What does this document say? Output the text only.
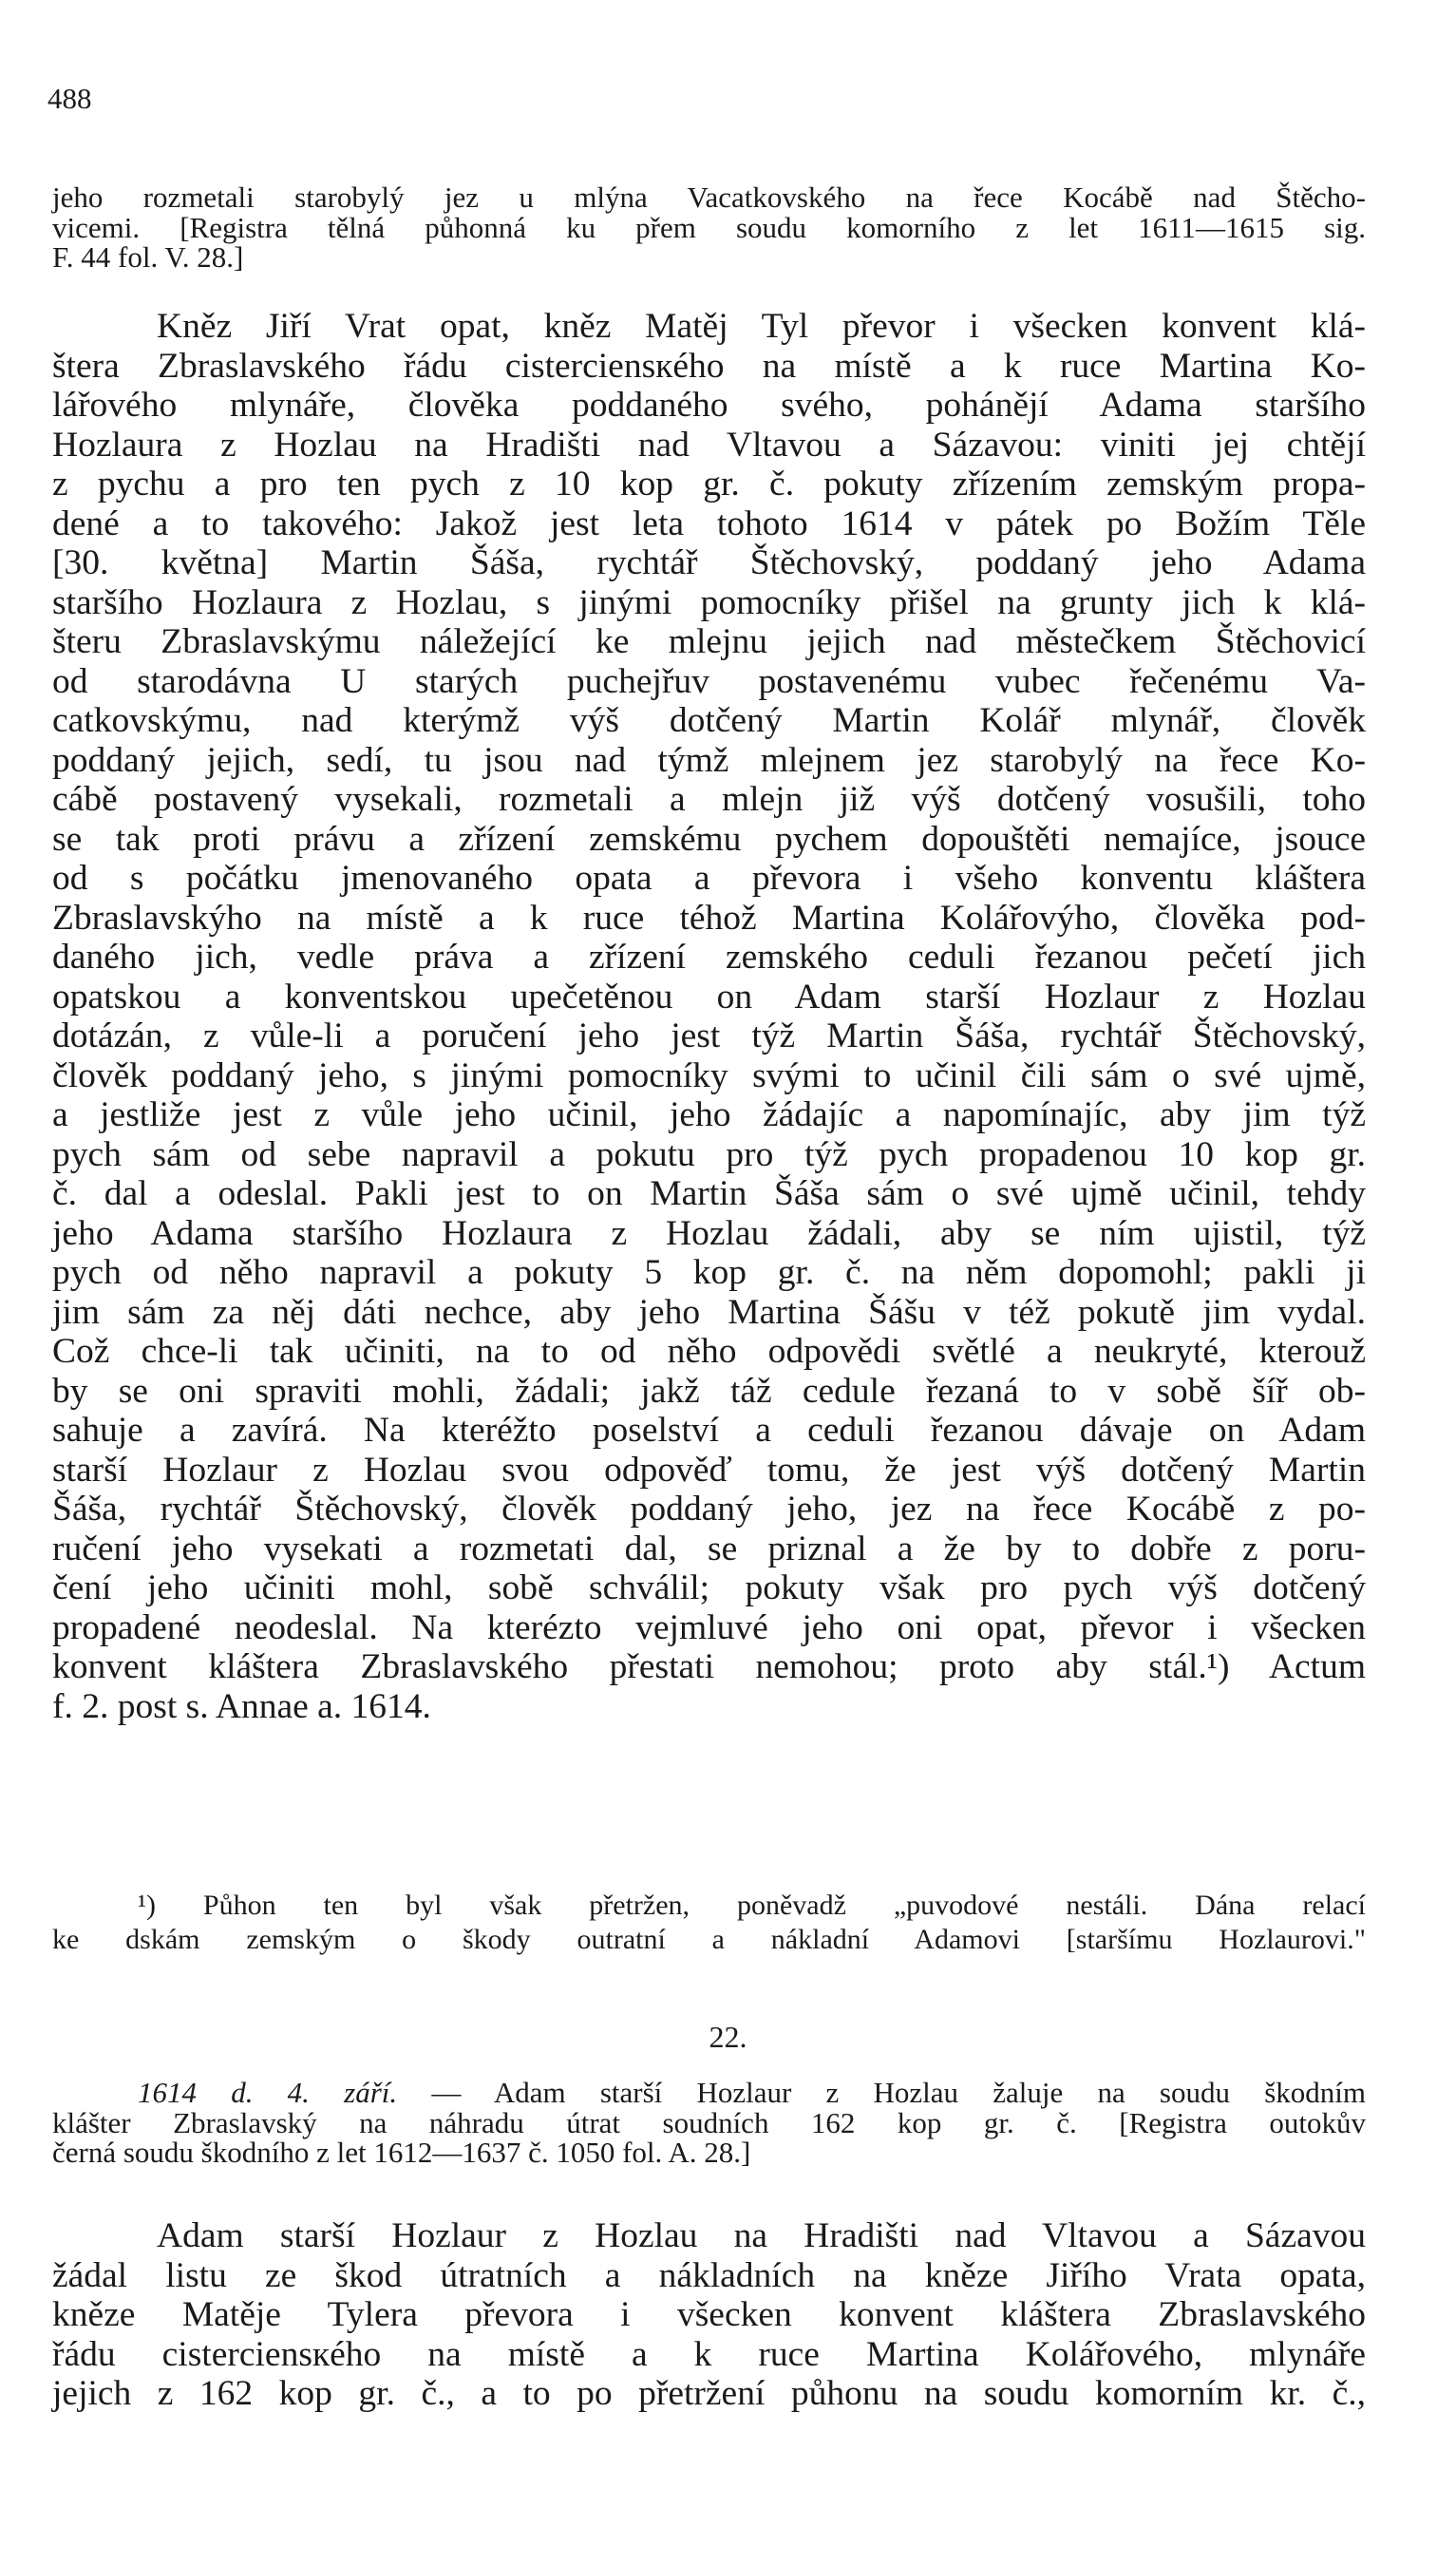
488
jeho rozmetali starobylý jez u mlýna Vacatkovského na řece Kocábě nad Štěcho-
vicemi. [Registra tělná půhonná ku přem soudu komorního z let 1611—1615 sig.
F. 44 fol. V. 28.]
Kněz Jiří Vrat opat, kněz Matěj Tyl převor i všecken konvent klá-
štera Zbraslavského řádu cisterciensкého na místě a k ruce Martina Ko-
lářového mlynáře, člověka poddaného svého, pohánějí Adama staršího
Hozlaura z Hozlau na Hradišti nad Vltavou a Sázavou: viniti jej chtějí
z pychu a pro ten pych z 10 kop gr. č. pokuty zřízením zemským propa-
dené a to takového: Jakož jest leta tohoto 1614 v pátek po Božím Těle
[30. května] Martin Šáša, rychtář Štěchovský, poddaný jeho Adama
staršího Hozlaura z Hozlau, s jinými pomocníky přišel na grunty jich k klá-
šteru Zbraslavskýmu náležející ke mlejnu jejich nad městečkem Štěchovicí
od starodávna U starých puchejřuv postavenému vubec řečenému Va-
catkovskýmu, nad kterýmž výš dotčený Martin Kolář mlynář, člověk
poddaný jejich, sedí, tu jsou nad týmž mlejnem jez starobylý na řece Ko-
cábě postavený vysekali, rozmetali a mlejn již výš dotčený vosušili, toho
se tak proti právu a zřízení zemskému pychem dopouštěti nemajíce, jsouce
od s počátku jmenovaného opata a převora i všeho konventu kláštera
Zbraslavskýho na místě a k ruce téhož Martina Kolářovýho, člověka pod-
daného jich, vedle práva a zřízení zemského ceduli řezanou pečetí jich
opatskou a konventskou upečetěnou on Adam starší Hozlaur z Hozlau
dotázán, z vůle-li a poručení jeho jest týž Martin Šáša, rychtář Štěchovský,
člověk poddaný jeho, s jinými pomocníky svými to učinil čili sám o své ujmě,
a jestliže jest z vůle jeho učinil, jeho žádajíc a napomínajíc, aby jim týž
pych sám od sebe napravil a pokutu pro týž pych propadenou 10 kop gr.
č. dal a odeslal. Pakli jest to on Martin Šáša sám o své ujmě učinil, tehdy
jeho Adama staršího Hozlaura z Hozlau žádali, aby se ním ujistil, týž
pych od něho napravil a pokuty 5 kop gr. č. na něm dopomohl; pakli ji
jim sám za něj dáti nechce, aby jeho Martina Šášu v též pokutě jim vydal.
Což chce-li tak učiniti, na to od něho odpovědi světlé a neukryté, kterouž
by se oni spraviti mohli, žádali; jakž táž cedule řezaná to v sobě šíř ob-
sahuje a zavírá. Na kteréžto poselství a ceduli řezanou dávaje on Adam
starší Hozlaur z Hozlau svou odpověď tomu, že jest výš dotčený Martin
Šáša, rychtář Štěchovský, člověk poddaný jeho, jez na řece Kocábě z po-
ručení jeho vysekati a rozmetati dal, se priznal a že by to dobře z poru-
čení jeho učiniti mohl, sobě schválil; pokuty však pro pych výš dotčený
propadené neodeslal. Na kterézto vejmluvé jeho oni opat, převor i všecken
konvent kláštera Zbraslavského přestati nemohou; proto aby stál.¹) Actum
f. 2. post s. Annae a. 1614.
¹) Půhon ten byl však přetržen, poněvadž „puvodové nestáli. Dána relací
ke dskám zemským o škody outratní a nákladní Adamovi [staršímu Hozlaurovi."
22.
1614 d. 4. září. — Adam starší Hozlaur z Hozlau žaluje na soudu škodním
klášter Zbraslavský na náhradu útrat soudních 162 kop gr. č. [Registra outokův
černá soudu škodního z let 1612—1637 č. 1050 fol. A. 28.]
Adam starší Hozlaur z Hozlau na Hradišti nad Vltavou a Sázavou
žádal listu ze škod útratních a nákladních na kněze Jiřího Vrata opata,
kněze Matěje Tylera převora i všecken konvent kláštera Zbraslavského
řádu cisterciensкého na místě a k ruce Martina Kolářového, mlynáře
jejich z 162 kop gr. č., a to po přetržení půhonu na soudu komorním kr. č.,
